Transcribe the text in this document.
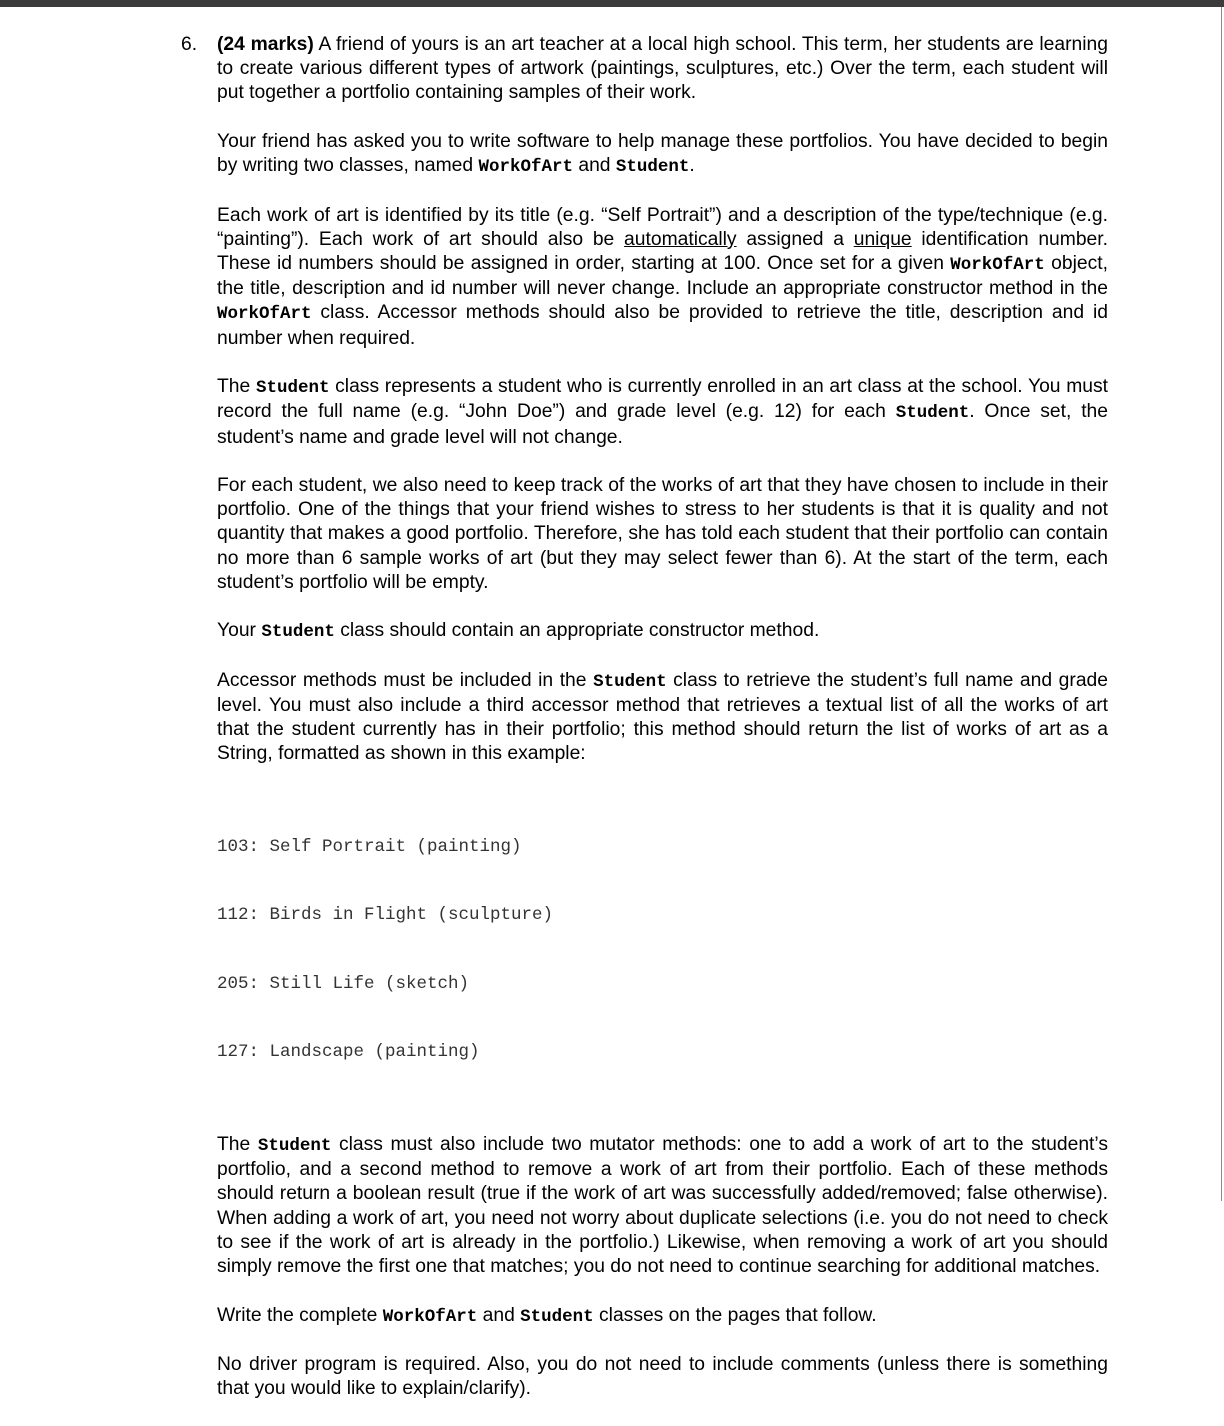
6. (24 marks) A friend of yours is an art teacher at a local high school. This term, her students are learning to create various different types of artwork (paintings, sculptures, etc.) Over the term, each student will put together a portfolio containing samples of their work.

Your friend has asked you to write software to help manage these portfolios. You have decided to begin by writing two classes, named WorkOfArt and Student.

Each work of art is identified by its title (e.g. “Self Portrait”) and a description of the type/technique (e.g. “painting”). Each work of art should also be automatically assigned a unique identification number. These id numbers should be assigned in order, starting at 100. Once set for a given WorkOfArt object, the title, description and id number will never change. Include an appropriate constructor method in the WorkOfArt class. Accessor methods should also be provided to retrieve the title, description and id number when required.

The Student class represents a student who is currently enrolled in an art class at the school. You must record the full name (e.g. “John Doe”) and grade level (e.g. 12) for each Student. Once set, the student’s name and grade level will not change.

For each student, we also need to keep track of the works of art that they have chosen to include in their portfolio. One of the things that your friend wishes to stress to her students is that it is quality and not quantity that makes a good portfolio. Therefore, she has told each student that their portfolio can contain no more than 6 sample works of art (but they may select fewer than 6). At the start of the term, each student’s portfolio will be empty.

Your Student class should contain an appropriate constructor method.

Accessor methods must be included in the Student class to retrieve the student’s full name and grade level. You must also include a third accessor method that retrieves a textual list of all the works of art that the student currently has in their portfolio; this method should return the list of works of art as a String, formatted as shown in this example:

103: Self Portrait (painting)

112: Birds in Flight (sculpture)

205: Still Life (sketch)

127: Landscape (painting)

The Student class must also include two mutator methods: one to add a work of art to the student’s portfolio, and a second method to remove a work of art from their portfolio. Each of these methods should return a boolean result (true if the work of art was successfully added/removed; false otherwise). When adding a work of art, you need not worry about duplicate selections (i.e. you do not need to check to see if the work of art is already in the portfolio.) Likewise, when removing a work of art you should simply remove the first one that matches; you do not need to continue searching for additional matches.

Write the complete WorkOfArt and Student classes on the pages that follow.

No driver program is required. Also, you do not need to include comments (unless there is something that you would like to explain/clarify).
